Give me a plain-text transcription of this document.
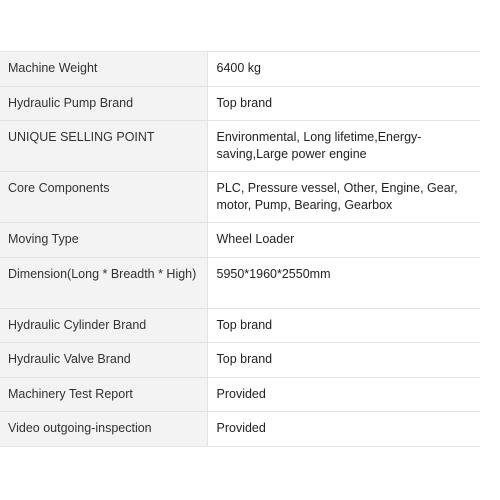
Machine Weight	6400 kg
Hydraulic Pump Brand	Top brand
UNIQUE SELLING POINT	Environmental, Long lifetime,Energy-saving,Large power engine
Core Components	PLC, Pressure vessel, Other, Engine, Gear, motor, Pump, Bearing, Gearbox
Moving Type	Wheel Loader
Dimension(Long * Breadth * High)	5950*1960*2550mm
Hydraulic Cylinder Brand	Top brand
Hydraulic Valve Brand	Top brand
Machinery Test Report	Provided
Video outgoing-inspection	Provided
